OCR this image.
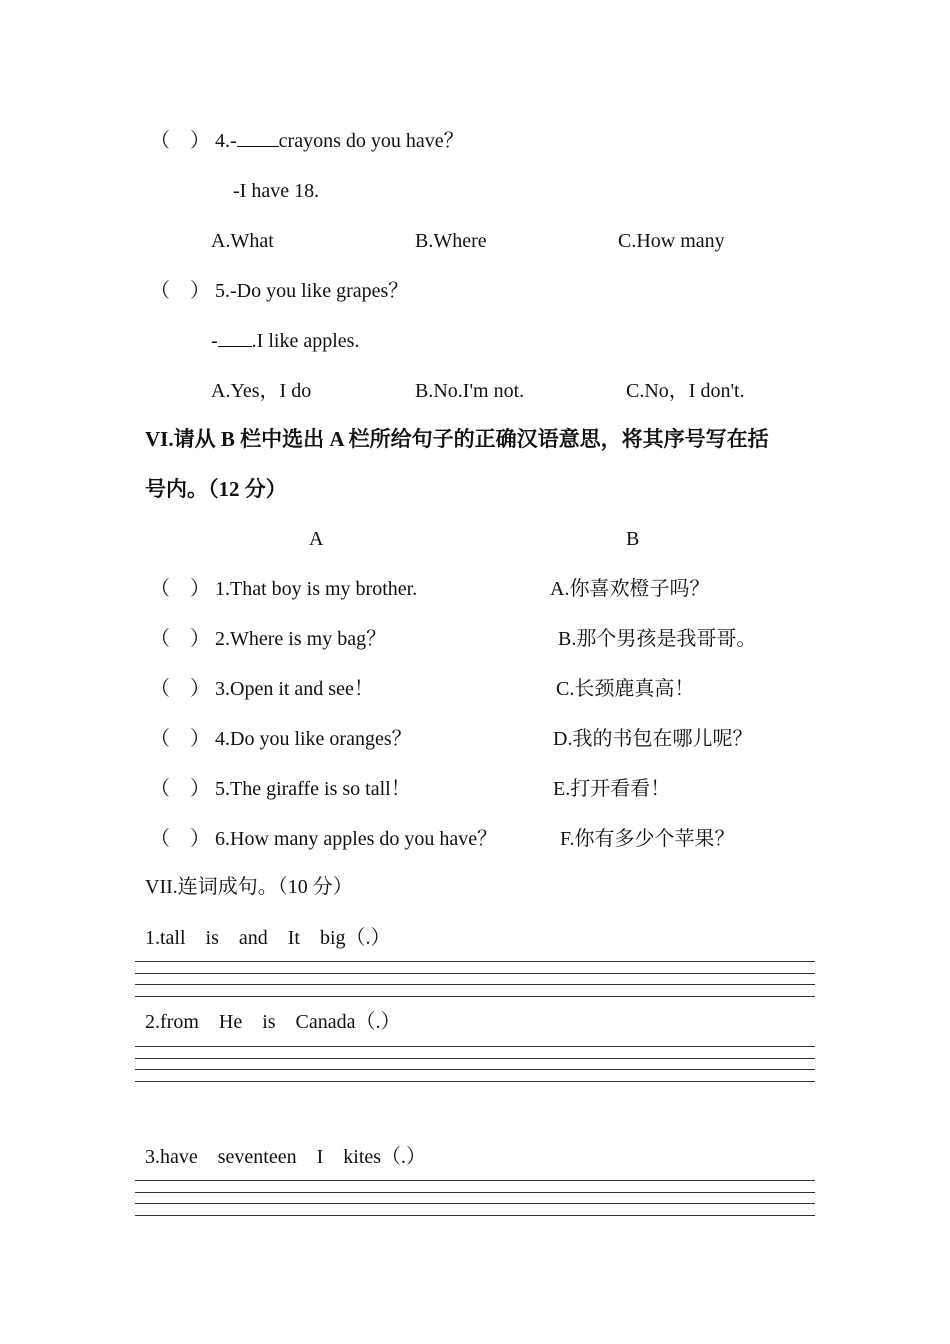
（　） 4.- crayons do you have？
-I have 18.
A.What	B.Where	C.How many
（　） 5.-Do you like grapes？
- .I like apples.
A.Yes，I do	B.No.I'm not.	C.No，I don't.
VI.请从 B 栏中选出 A 栏所给句子的正确汉语意思，将其序号写在括
号内。（12 分）
A	B
（　） 1.That boy is my brother.	A.你喜欢橙子吗？
（　） 2.Where is my bag？	B.那个男孩是我哥哥。
（　） 3.Open it and see！	C.长颈鹿真高！
（　） 4.Do you like oranges？	D.我的书包在哪儿呢？
（　） 5.The giraffe is so tall！	E.打开看看！
（　） 6.How many apples do you have？	F.你有多少个苹果？
VII.连词成句。（10 分）
1.tall　is　and　It　big（.）
2.from　He　is　Canada（.）
3.have　seventeen　I　kites（.）
